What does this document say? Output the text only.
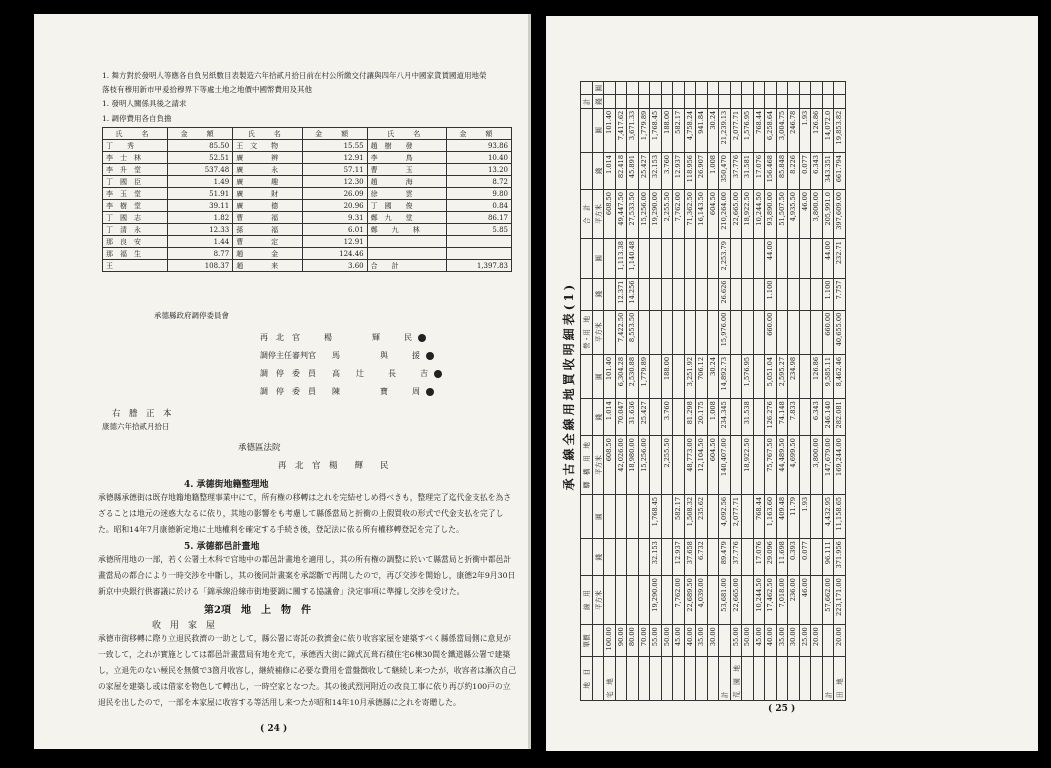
1. 舞方對於發明人等應各自負另紙數目表製造六年拾貳月拾日前在村公所繳交付讓與四年八月中國家貨賃國道用地榮
落枝有穆用新市甲爰拾穆界下等處土地之地價中國幣費用及其他
1. 發明人關係具後之請求
1. 調停費用各自負擔
氏　名	金　額	氏　名	金　額	氏　名	金　額
丁　　秀	85.50	王　文　　物	15.55	趙　樹　　發	93.86
李　士　林	52.51	廣　　　　辨	12.91	李　　　　鳥	10.40
李　升　堂	537.48	廣　　　　永	57.11	曹　　　　玉	13.20
丁　國　臣	1.49	廣　　　　趣	12.30	趙　　　　海	8.72
李　玉　堂	51.91	廣　　　　財	26.09	徐　　　　雲	9.80
李　樹　堂	39.11	廣　　　　德	20.96	丁　國　　俊	0.84
丁　國　志	1.82	曹　　　　福	9.31	鄭　九　　堂	86.17
丁　清　永	12.33	孫　　　　福	6.01	鄭　　九　　林	5.85
那　良　安	1.44	曹　　　　定	12.91		
那　福　生	8.77	趙　　　　金	124.46		
王　　　　	108.37	趙　　　　来	3.60	合　　計	1,397.83
承德縣政府調停委員會
再　北　官　　　楊　　　　　輝　　　民
調停主任審判官　　馬　　　　　與　　　援
調　停　委　員　　高　　辻　　　長　　　吉
調　停　委　員　　陳　　　　　寶　　　周
右　謄　正　本
康德六年拾貳月拾日
承德區法院
再　北　官　楊　　輝　　民
4. 承德街地籍整理地
承德縣承德街は既存地籍地籍整理事業中にて，所有権の移轉は之れを完結せしめ得べきも，整理完了迄代金支払を為さざることは地元の迷惑大なるに依り，其地の影響をも考慮して縣係當局と折衝の上假買收の形式で代金支払を完了した。昭和14年7月康德新定地に土地權利を確定する手続き後，登記法に依る所有權移轉登記を完了した。
5. 承德都邑計畫地
承德所用地の一部，若く公署土木科で官地中の都邑計畫地を適用し，其の所有権の調整に於いて縣當局と折衝中都邑計畫當局の都合により一時交渉を中斷し，其の後同計畫案を承認斷で再開したので，再び交渉を開始し，康德2年9月30日新京中央銀行供審議に於ける「錦承線沿線市街地要調に關する協議會」決定事項に準據し交渉を受けた。
第2項　地　上　物　件
收　用　家　屋
承德市街移轉に際り立退民救濟の一助として，縣公署に寄託の救濟金に依り收容家屋を建築すべく縣係當局側に意見が一致して，之れが實施としては都邑計畫當局有地を充て，承德西大街に錦式瓦葺石積住宅6棟30間を鐵道縣公署で建築し，立退先のない極民を無償で3箇月收容し，継続補修に必要な費用を當盤徴收して継続し来つたが，收容者は漸次自己の家屋を建築し或は借家を物色して轉出し，一時空家となつた。其の後武烈河附近の改良工事に依り再び約100戸の立退民を出したので，一部を本家屋に收容する等活用し来つたが昭和14年10月承德縣に之れを寄贈した。
( 24 )
承古線全線用地買收明細表(1)
地　目	單價	線　用			驛　構　用　地			營・用　地			合　計			計	
		平方米	錢	圓	平方米	錢	圓	平方米	錢	圓	平方米	錢	圓	錢	圓
宅　地	100.00				608.50	1.014	101.40				608.50	1.014	101.40		
	90.00				42,026.00	70.047	6,304.28	7,422.50	12.371	1,113.38	49,447.50	82.418	7,417.62		
	80.00				18,980.00	31.636	2,530.88	8,553.50	14.256	1,140.48	27,533.50	45.891	3,671.33		
	70.00				15,256.00	25.427	1,779.89				15,256.00	25.427	1,779.89		
	55.00	19,290.00	32.153	1,768.45							19,290.00	32.153	1,768.45		
	50.00				2,255.50	3.760	188.00				2,255.50	3.760	188.00		
	45.00	7,762.00	12.937	582.17							7,762.00	12.937	582.17		
	40.00	22,689.50	37.658	1,508.32	48,773.00	81.298	3,251.92				71,362.50	118.956	4,758.24		
	35.00	4,039.00	6.732	235.62	12,104.50	20.175	706.12				16,143.50	26.907	941.84		
	30.00				604.50	1.008	30.24				604.50	1.008	30.24		
計		53,681.00	89.479	4,092.56	140,407.00	234.345	14,892.73	15,976.00	26.626	2,253.79	210,264.00	350,470	21,239.13		
荒　園　地	55.00	22,665.00	37.776	2,077.71							22,665.00	37.776	2,077.71		
	50.00				18,922.50	31.538	1,576.95				18,922.50	31.581	1,576.95		
	45.00	10,244.50	17.076	768.44							10,244.50	17.076	768.44		
	40.00	17,462.50	29.096	1,163.60	75,767.50	126.276	5,051.04	660.00	1.100	44.00	93,890.00	156.468	6,258.64		
	35.00	7,018.00	11.698	409.48	44,489.50	74.148	2,595.27				51,507.50	85.848	3,004.75		
	30.00	236.00	0.393	11.79	4,699.50	7.833	234.98				4,935.50	8.226	246.78		
	25.00	46.00	0.077	1.93							46.00	0.077	1.93		
	20.00				3,800.00	6.343	126.86				3,800.00	6.343	126.86		
計		57,662.00	96.111	4,432.95	147,679.00	246.140	9,585.11	660.00	1.100	44.00	205,991.0	343.351	14,072.0		
田　地	20.00	223,171.00	371.956	11,158.65	169,244.00	282.081	8,462.46	40,655.00	7.757	232.71	397,609.00	661.794	19,853.82		
( 25 )
